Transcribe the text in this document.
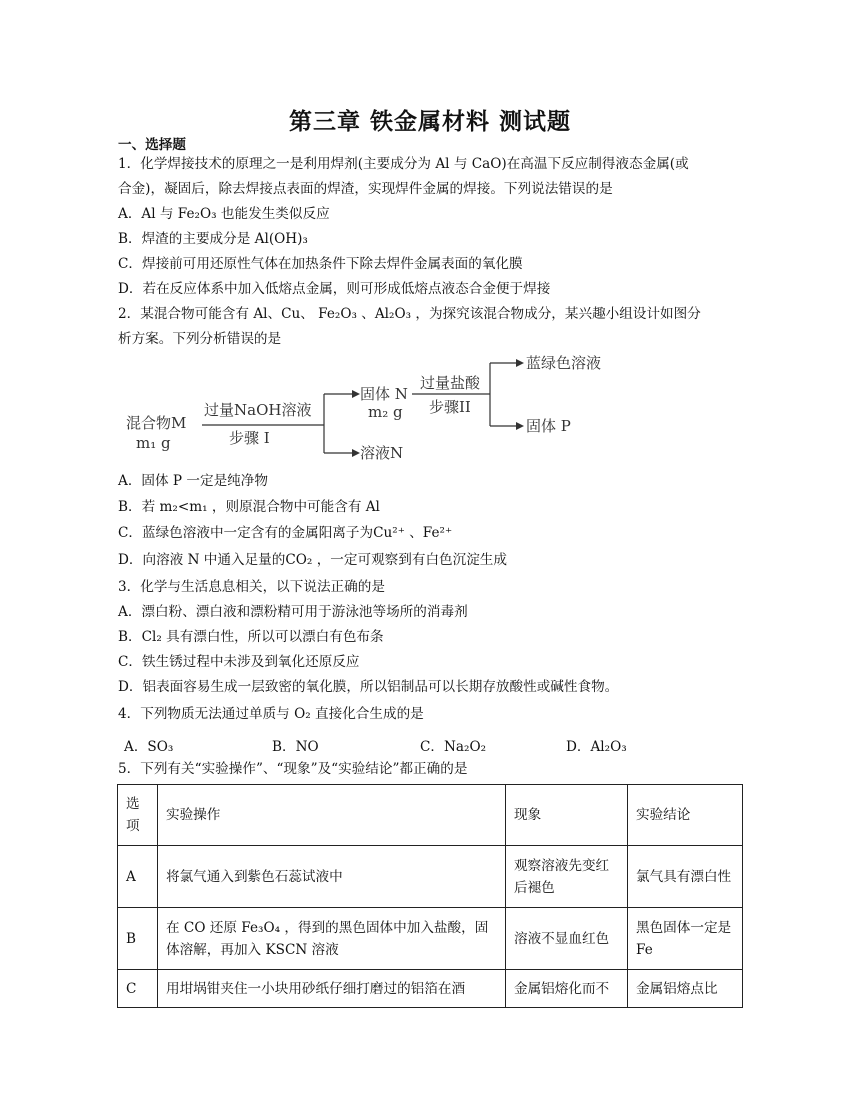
第三章 铁金属材料 测试题
一、选择题
1．化学焊接技术的原理之一是利用焊剂(主要成分为 Al 与 CaO)在高温下反应制得液态金属(或
合金)，凝固后，除去焊接点表面的焊渣，实现焊件金属的焊接。下列说法错误的是
A．Al 与 Fe₂O₃ 也能发生类似反应
B．焊渣的主要成分是 Al(OH)₃
C．焊接前可用还原性气体在加热条件下除去焊件金属表面的氧化膜
D．若在反应体系中加入低熔点金属，则可形成低熔点液态合金便于焊接
2．某混合物可能含有 Al、Cu、 Fe₂O₃ 、Al₂O₃ ，为探究该混合物成分，某兴趣小组设计如图分
析方案。下列分析错误的是
混合物M
m₁ g
过量NaOH溶液
步骤 I
固体 N
m₂ g
溶液N
过量盐酸
步骤II
蓝绿色溶液
固体 P
A．固体 P 一定是纯净物
B．若 m₂<m₁ ，则原混合物中可能含有 Al
C．蓝绿色溶液中一定含有的金属阳离子为Cu²⁺ 、Fe²⁺
D．向溶液 N 中通入足量的CO₂ ，一定可观察到有白色沉淀生成
3．化学与生活息息相关，以下说法正确的是
A．漂白粉、漂白液和漂粉精可用于游泳池等场所的消毒剂
B．Cl₂ 具有漂白性，所以可以漂白有色布条
C．铁生锈过程中未涉及到氧化还原反应
D．铝表面容易生成一层致密的氧化膜，所以铝制品可以长期存放酸性或碱性食物。
4．下列物质无法通过单质与 O₂ 直接化合生成的是
A．SO₃	B．NO	C．Na₂O₂	D．Al₂O₃
5．下列有关“实验操作”、“现象”及“实验结论”都正确的是
选项	实验操作	现象	实验结论
A	将氯气通入到紫色石蕊试液中	观察溶液先变红后褪色	氯气具有漂白性
B	在 CO 还原 Fe₃O₄ ，得到的黑色固体中加入盐酸，固体溶解，再加入 KSCN 溶液	溶液不显血红色	黑色固体一定是 Fe
C	用坩埚钳夹住一小块用砂纸仔细打磨过的铝箔在酒	金属铝熔化而不	金属铝熔点比
